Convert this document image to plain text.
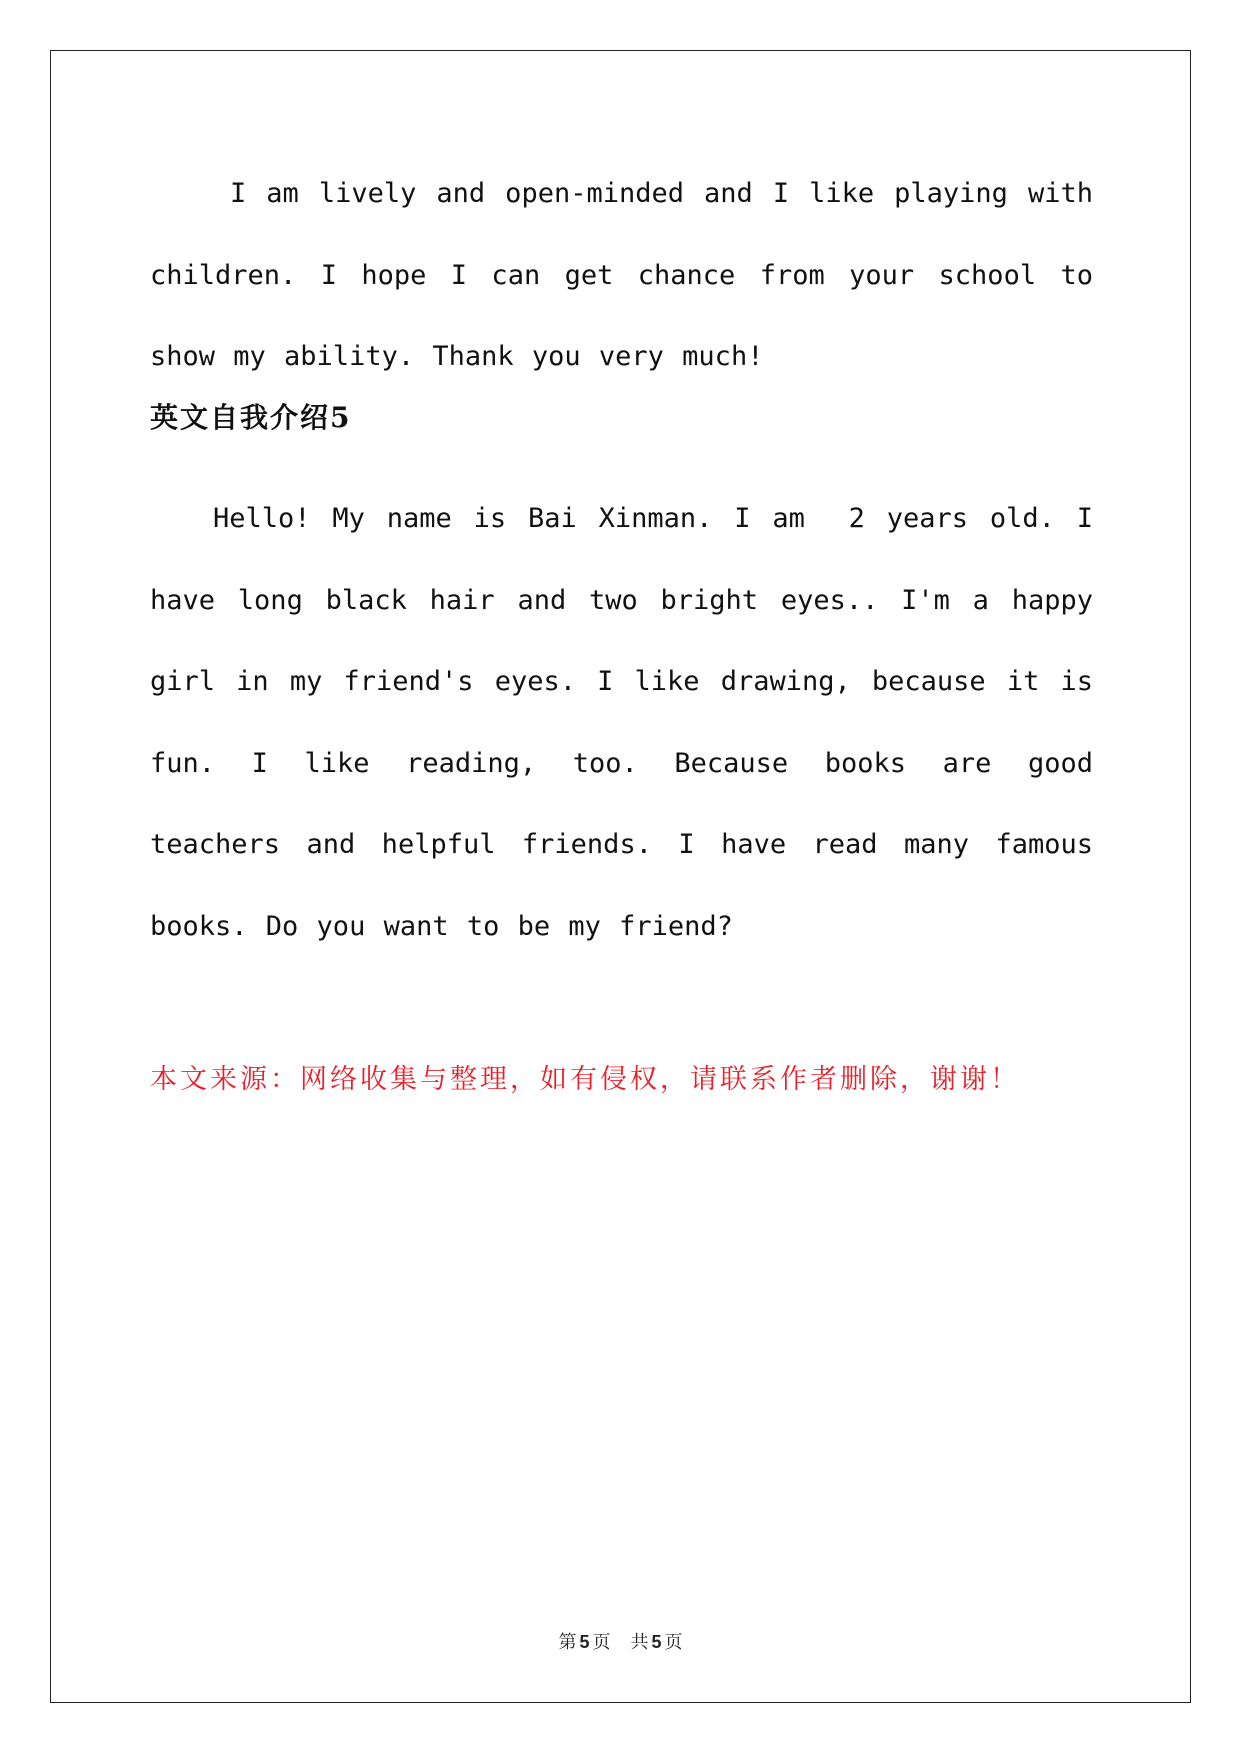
I am lively and open-minded and I like playing with children. I hope I can get chance from your school to show my ability. Thank you very much!

英文自我介绍5

Hello! My name is Bai Xinman. I am  2 years old. I have long black hair and two bright eyes.. I'm a happy girl in my friend's eyes. I like drawing, because it is fun. I like reading, too. Because books are good teachers and helpful friends. I have read many famous books. Do you want to be my friend?

本文来源：网络收集与整理，如有侵权，请联系作者删除，谢谢！

第 5 页 共 5 页
